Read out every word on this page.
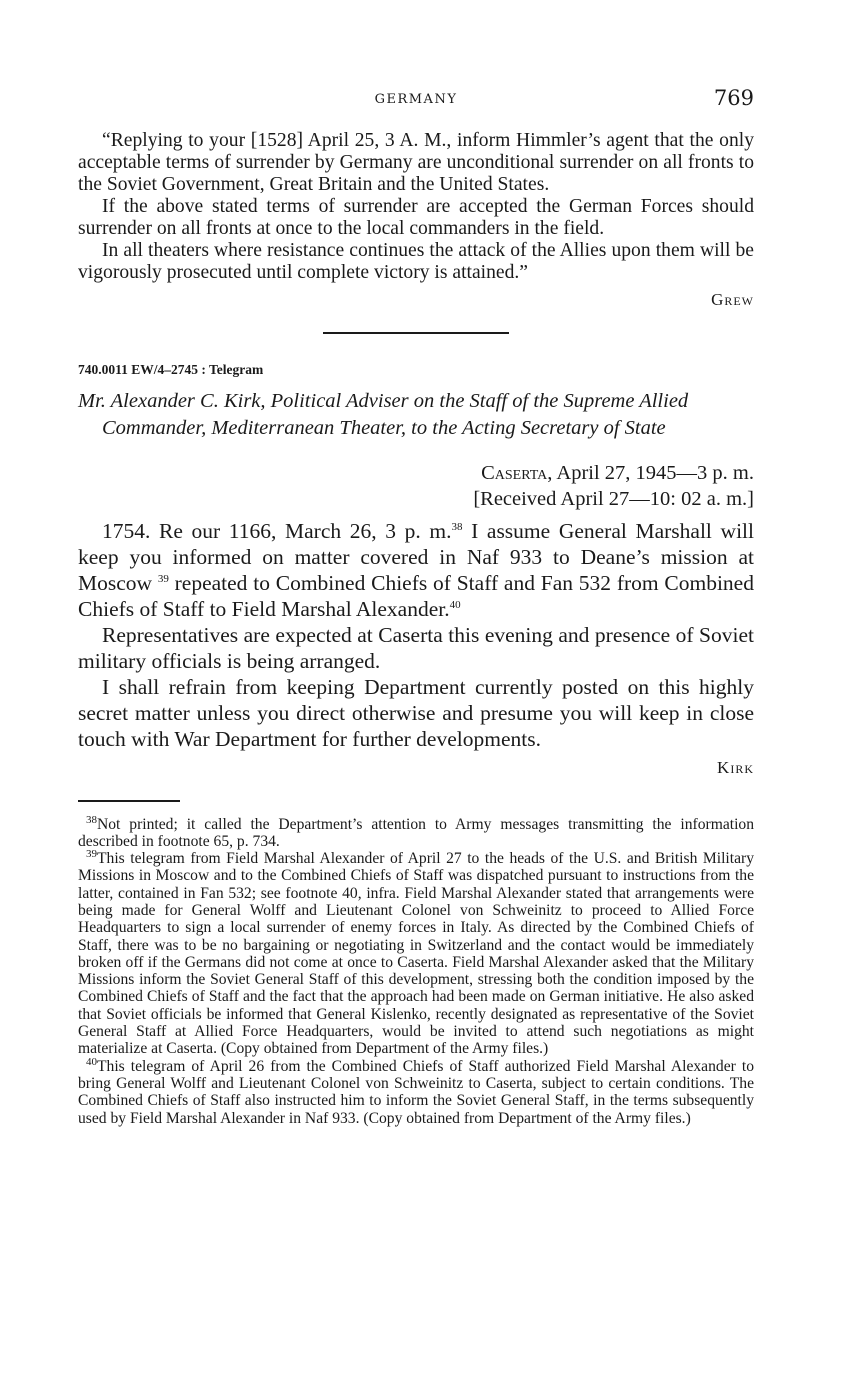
GERMANY	769

“Replying to your [1528] April 25, 3 A. M., inform Himmler’s agent that the only acceptable terms of surrender by Germany are unconditional surrender on all fronts to the Soviet Government, Great Britain and the United States.

If the above stated terms of surrender are accepted the German Forces should surrender on all fronts at once to the local commanders in the field.

In all theaters where resistance continues the attack of the Allies upon them will be vigorously prosecuted until complete victory is attained.”

Grew
740.0011 EW/4–2745 : Telegram
Mr. Alexander C. Kirk, Political Adviser on the Staff of the Supreme Allied Commander, Mediterranean Theater, to the Acting Secretary of State
Caserta, April 27, 1945—3 p. m.
[Received April 27—10: 02 a. m.]

1754. Re our 1166, March 26, 3 p. m.$^{38}$ I assume General Marshall will keep you informed on matter covered in Naf 933 to Deane’s mission at Moscow $^{39}$ repeated to Combined Chiefs of Staff and Fan 532 from Combined Chiefs of Staff to Field Marshal Alexander.$^{40}$

Representatives are expected at Caserta this evening and presence of Soviet military officials is being arranged.

I shall refrain from keeping Department currently posted on this highly secret matter unless you direct otherwise and presume you will keep in close touch with War Department for further developments.

Kirk

$^{38}$Not printed; it called the Department’s attention to Army messages transmitting the information described in footnote 65, p. 734.

$^{39}$This telegram from Field Marshal Alexander of April 27 to the heads of the U.S. and British Military Missions in Moscow and to the Combined Chiefs of Staff was dispatched pursuant to instructions from the latter, contained in Fan 532; see footnote 40, infra. Field Marshal Alexander stated that arrangements were being made for General Wolff and Lieutenant Colonel von Schweinitz to proceed to Allied Force Headquarters to sign a local surrender of enemy forces in Italy. As directed by the Combined Chiefs of Staff, there was to be no bargaining or negotiating in Switzerland and the contact would be immediately broken off if the Germans did not come at once to Caserta. Field Marshal Alexander asked that the Military Missions inform the Soviet General Staff of this development, stressing both the condition imposed by the Combined Chiefs of Staff and the fact that the approach had been made on German initiative. He also asked that Soviet officials be informed that General Kislenko, recently designated as representative of the Soviet General Staff at Allied Force Headquarters, would be invited to attend such negotiations as might materialize at Caserta. (Copy obtained from Department of the Army files.)

$^{40}$This telegram of April 26 from the Combined Chiefs of Staff authorized Field Marshal Alexander to bring General Wolff and Lieutenant Colonel von Schweinitz to Caserta, subject to certain conditions. The Combined Chiefs of Staff also instructed him to inform the Soviet General Staff, in the terms subsequently used by Field Marshal Alexander in Naf 933. (Copy obtained from Department of the Army files.)
